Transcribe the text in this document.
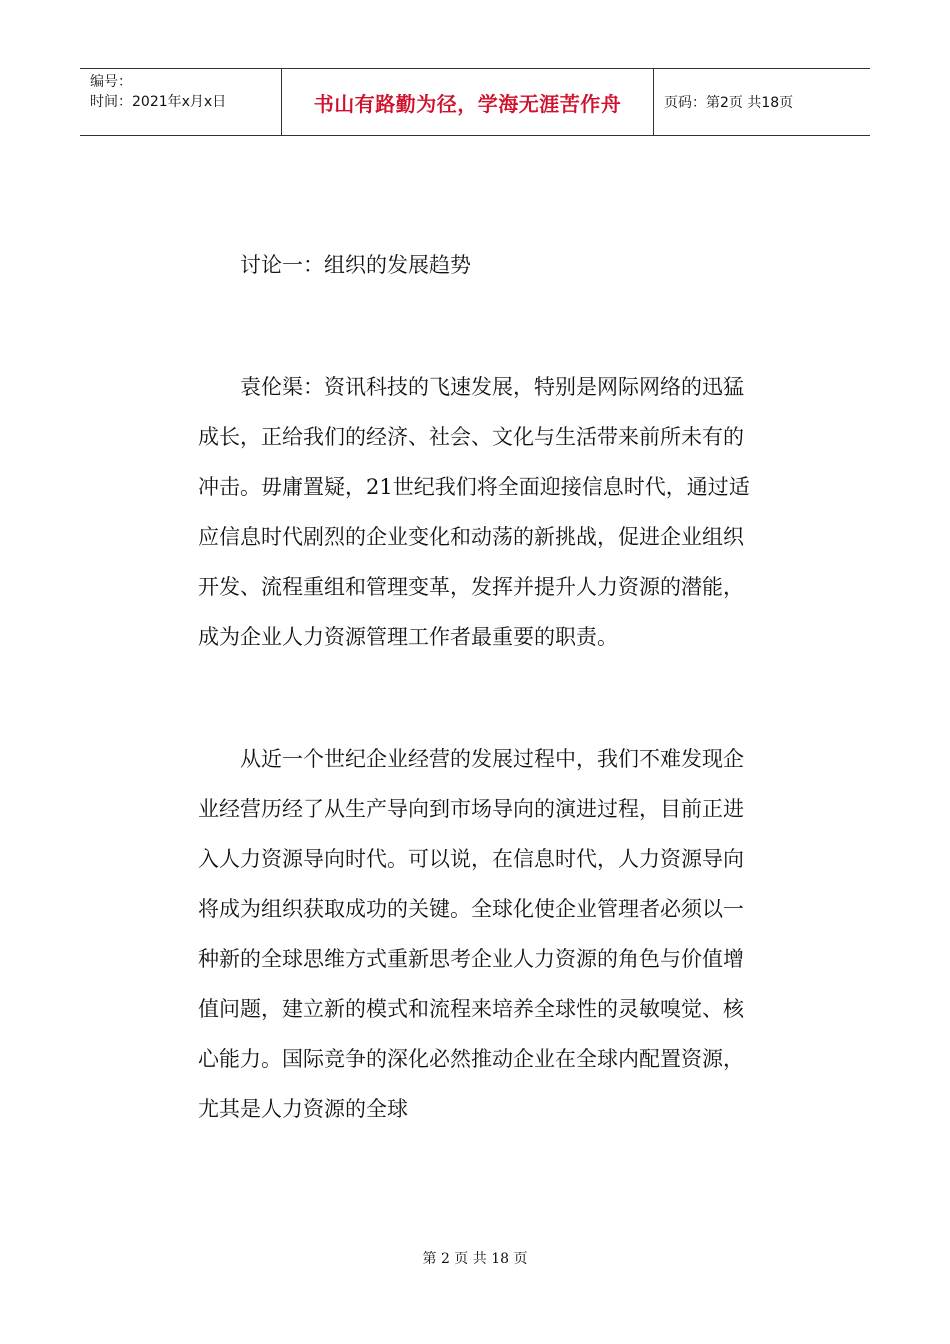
编号：
时间：2021年x月x日	书山有路勤为径，学海无涯苦作舟	页码：第2页 共18页

讨论一：组织的发展趋势

袁伦渠：资讯科技的飞速发展，特别是网际网络的迅猛成长，正给我们的经济、社会、文化与生活带来前所未有的冲击。毋庸置疑，21世纪我们将全面迎接信息时代，通过适应信息时代剧烈的企业变化和动荡的新挑战，促进企业组织开发、流程重组和管理变革，发挥并提升人力资源的潜能，成为企业人力资源管理工作者最重要的职责。

从近一个世纪企业经营的发展过程中，我们不难发现企业经营历经了从生产导向到市场导向的演进过程，目前正进入人力资源导向时代。可以说，在信息时代，人力资源导向将成为组织获取成功的关键。全球化使企业管理者必须以一种新的全球思维方式重新思考企业人力资源的角色与价值增值问题，建立新的模式和流程来培养全球性的灵敏嗅觉、核心能力。国际竞争的深化必然推动企业在全球内配置资源，尤其是人力资源的全球

第 2 页 共 18 页
